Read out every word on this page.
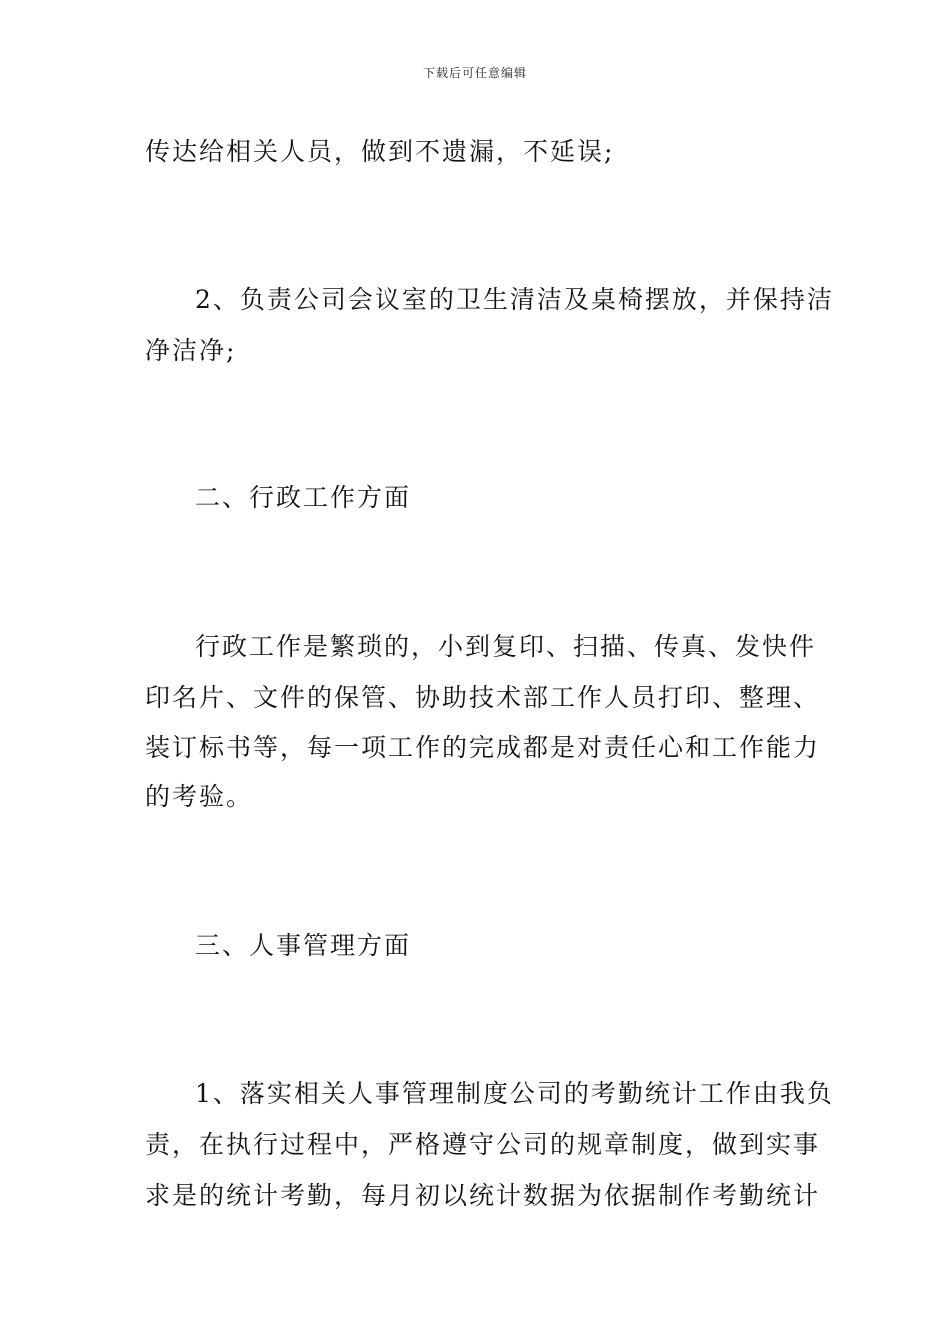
下载后可任意编辑
传达给相关人员，做到不遗漏，不延误;
2、负责公司会议室的卫生清洁及桌椅摆放，并保持洁
净洁净;
二、行政工作方面
行政工作是繁琐的，小到复印、扫描、传真、发快件
印名片、文件的保管、协助技术部工作人员打印、整理、
装订标书等，每一项工作的完成都是对责任心和工作能力
的考验。
三、人事管理方面
1、落实相关人事管理制度公司的考勤统计工作由我负
责，在执行过程中，严格遵守公司的规章制度，做到实事
求是的统计考勤，每月初以统计数据为依据制作考勤统计
